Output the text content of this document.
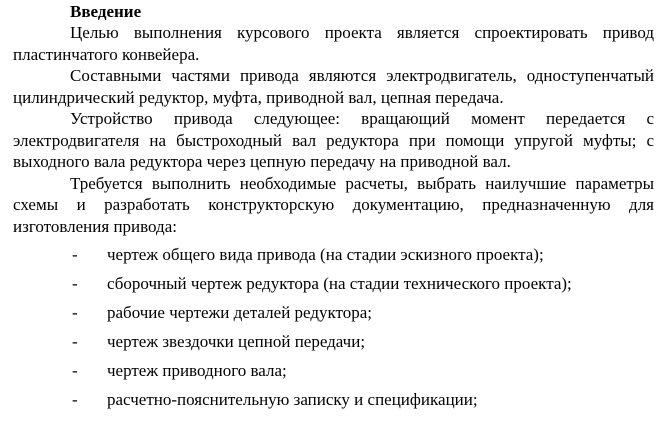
Введение

Целью выполнения курсового проекта является спроектировать привод пластинчатого конвейера.

Составными частями привода являются электродвигатель, одноступенчатый цилиндрический редуктор, муфта, приводной вал, цепная передача.

Устройство привода следующее: вращающий момент передается с электродвигателя на быстроходный вал редуктора при помощи упругой муфты; с выходного вала редуктора через цепную передачу на приводной вал.

Требуется выполнить необходимые расчеты, выбрать наилучшие параметры схемы и разработать конструкторскую документацию, предназначенную для изготовления привода:

- чертеж общего вида привода (на стадии эскизного проекта);
- сборочный чертеж редуктора (на стадии технического проекта);
- рабочие чертежи деталей редуктора;
- чертеж звездочки цепной передачи;
- чертеж приводного вала;
- расчетно-пояснительную записку и спецификации;
